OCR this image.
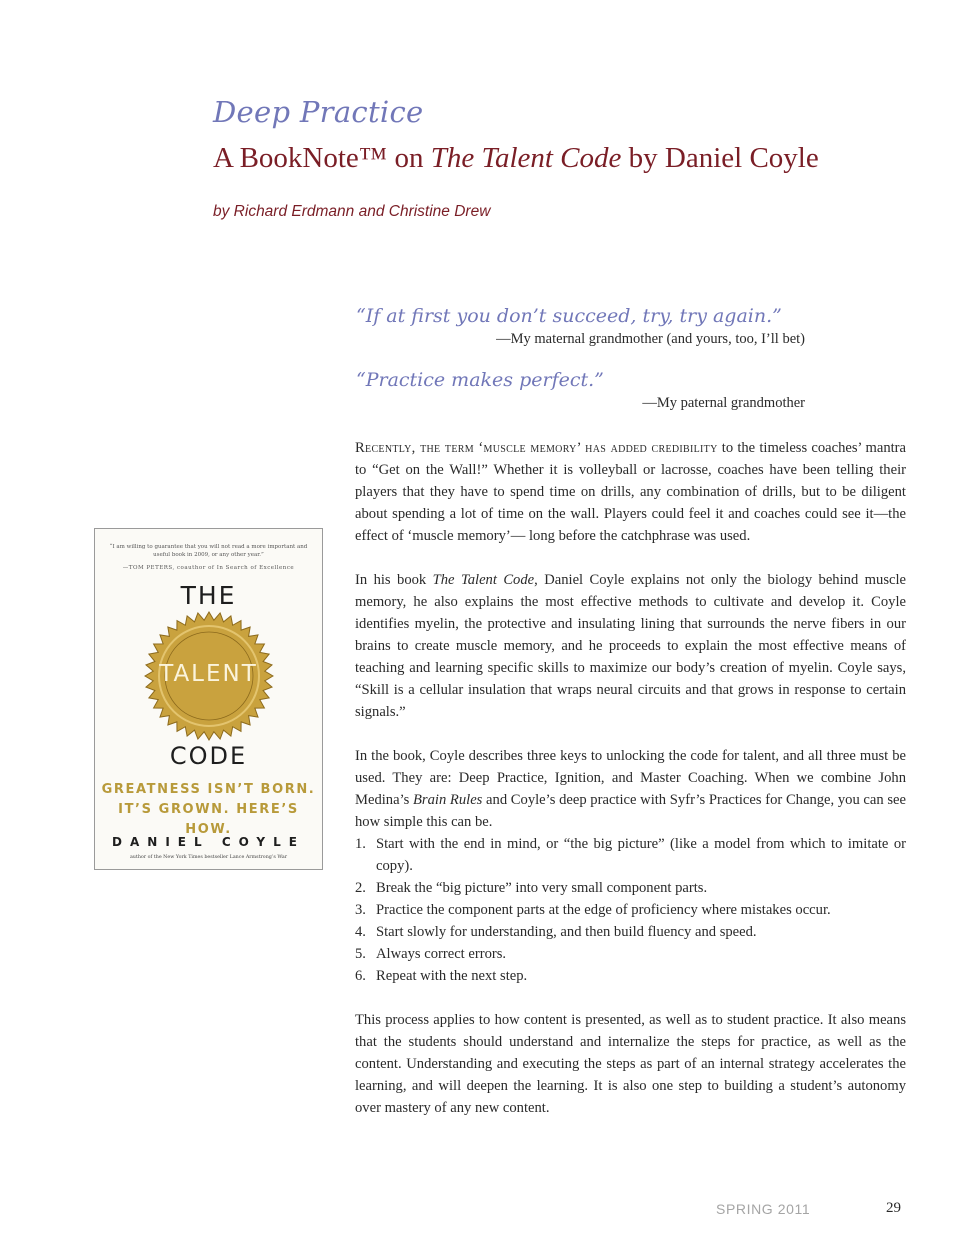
Deep Practice
A BookNote™ on The Talent Code by Daniel Coyle

by Richard Erdmann and Christine Drew

“If at first you don’t succeed, try, try again.”

—My maternal grandmother (and yours, too, I’ll bet)

“Practice makes perfect.”

—My paternal grandmother

“I am willing to guarantee that you will not read a more important and useful book in 2009, or any other year.”
—TOM PETERS, coauthor of In Search of Excellence
THE
TALENT
CODE
GREATNESS ISN’T BORN.
IT’S GROWN. HERE’S HOW.
DANIEL COYLE
author of the New York Times bestseller Lance Armstrong’s War

Recently, the term ‘muscle memory’ has added credibility to the timeless coaches’ mantra to “Get on the Wall!” Whether it is volleyball or lacrosse, coaches have been telling their players that they have to spend time on drills, any combination of drills, but to be diligent about spending a lot of time on the wall. Players could feel it and coaches could see it—the effect of ‘muscle memory’— long before the catchphrase was used.

In his book The Talent Code, Daniel Coyle explains not only the biology behind muscle memory, he also explains the most effective methods to cultivate and develop it. Coyle identifies myelin, the protective and insulating lining that surrounds the nerve fibers in our brains to create muscle memory, and he proceeds to explain the most effective means of teaching and learning specific skills to maximize our body’s creation of myelin. Coyle says, “Skill is a cellular insulation that wraps neural circuits and that grows in response to certain signals.”

In the book, Coyle describes three keys to unlocking the code for talent, and all three must be used. They are: Deep Practice, Ignition, and Master Coaching. When we combine John Medina’s Brain Rules and Coyle’s deep practice with Syfr’s Practices for Change, you can see how simple this can be.

1. Start with the end in mind, or “the big picture” (like a model from which to imitate or copy).
2. Break the “big picture” into very small component parts.
3. Practice the component parts at the edge of proficiency where mistakes occur.
4. Start slowly for understanding, and then build fluency and speed.
5. Always correct errors.
6. Repeat with the next step.

This process applies to how content is presented, as well as to student practice. It also means that the students should understand and internalize the steps for practice, as well as the content. Understanding and executing the steps as part of an internal strategy accelerates the learning, and will deepen the learning. It is also one step to building a student’s autonomy over mastery of any new content.

SPRING 2011	29
